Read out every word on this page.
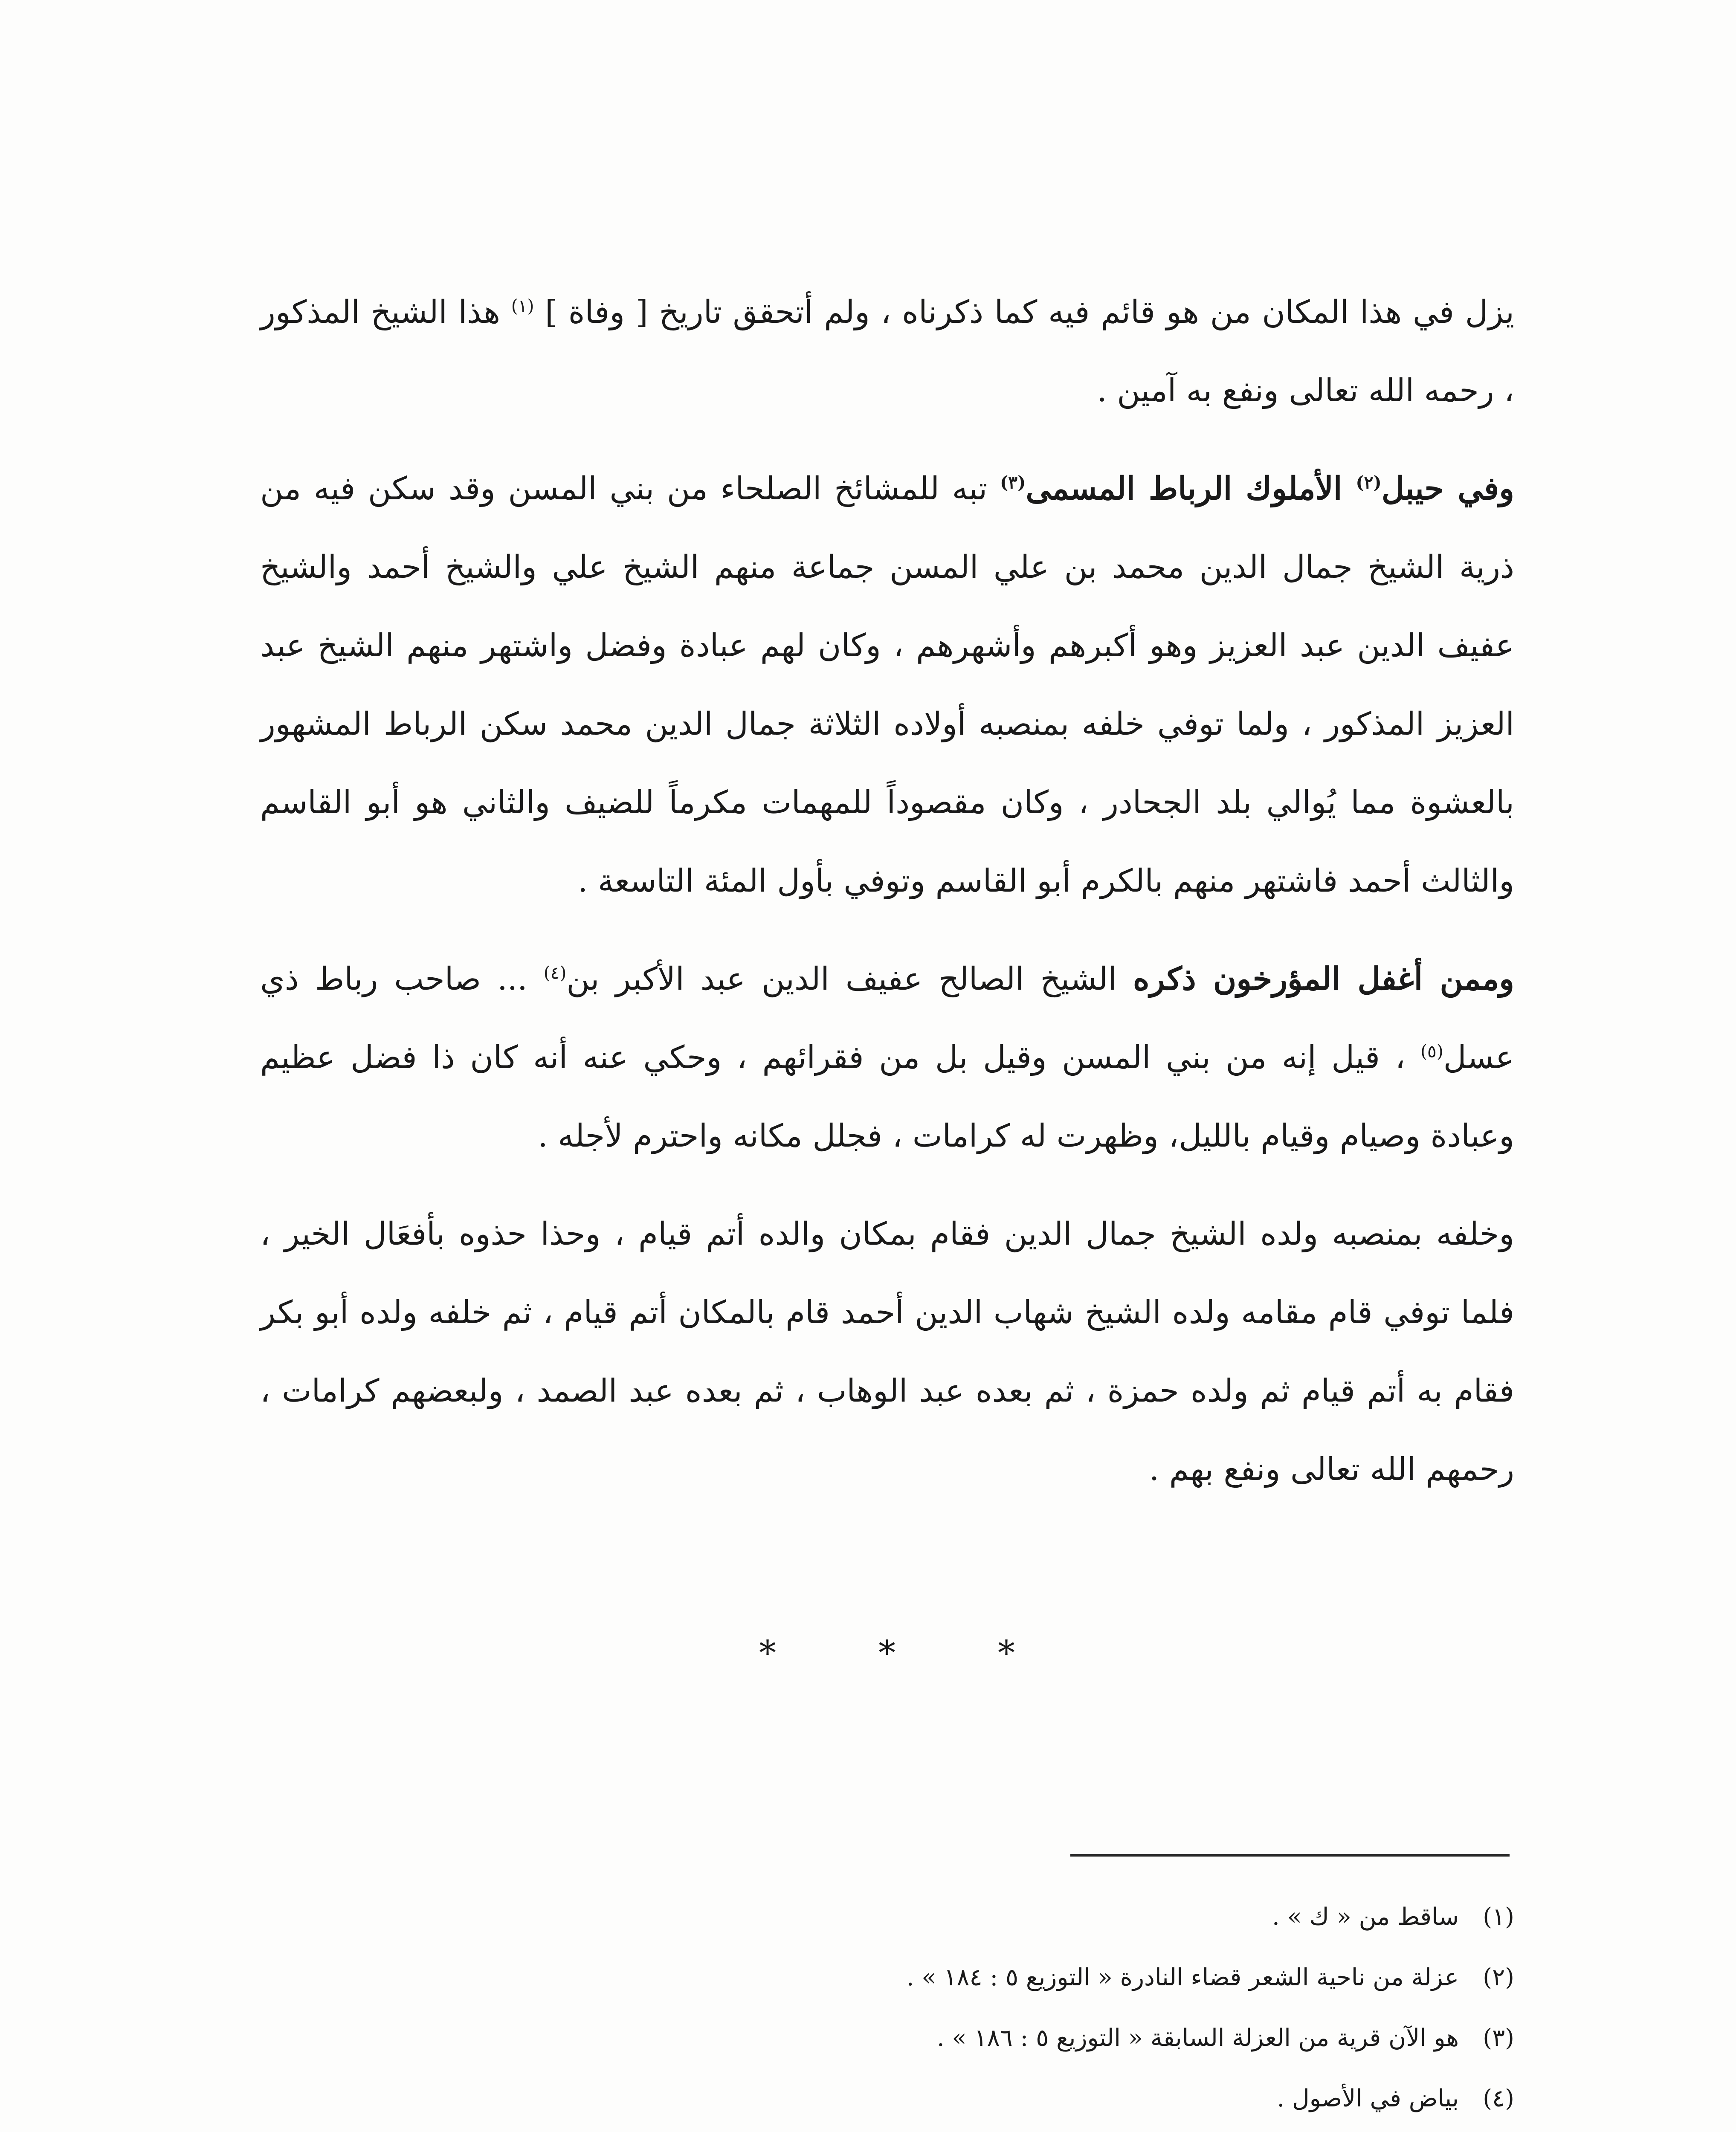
يزل في هذا المكان من هو قائم فيه كما ذكرناه ، ولم أتحقق تاريخ [ وفاة ] $^{(١)}$ هذا الشيخ المذكور ، رحمه الله تعالى ونفع به آمين .

وفي حيبل$^{(٢)}$ الأملوك الرباط المسمى$^{(٣)}$ تبه للمشائخ الصلحاء من بني المسن وقد سكن فيه من ذرية الشيخ جمال الدين محمد بن علي المسن جماعة منهم الشيخ علي والشيخ أحمد والشيخ عفيف الدين عبد العزيز وهو أكبرهم وأشهرهم ، وكان لهم عبادة وفضل واشتهر منهم الشيخ عبد العزيز المذكور ، ولما توفي خلفه بمنصبه أولاده الثلاثة جمال الدين محمد سكن الرباط المشهور بالعشوة مما يُوالي بلد الجحادر ، وكان مقصوداً للمهمات مكرماً للضيف والثاني هو أبو القاسم والثالث أحمد فاشتهر منهم بالكرم أبو القاسم وتوفي بأول المئة التاسعة .

وممن أغفل المؤرخون ذكره الشيخ الصالح عفيف الدين عبد الأكبر بن$^{(٤)}$ ... صاحب رباط ذي عسل$^{(٥)}$ ، قيل إنه من بني المسن وقيل بل من فقرائهم ، وحكي عنه أنه كان ذا فضل عظيم وعبادة وصيام وقيام بالليل، وظهرت له كرامات ، فجلل مكانه واحترم لأجله .

وخلفه بمنصبه ولده الشيخ جمال الدين فقام بمكان والده أتم قيام ، وحذا حذوه بأفعَال الخير ، فلما توفي قام مقامه ولده الشيخ شهاب الدين أحمد قام بالمكان أتم قيام ، ثم خلفه ولده أبو بكر فقام به أتم قيام ثم ولده حمزة ، ثم بعده عبد الوهاب ، ثم بعده عبد الصمد ، ولبعضهم كرامات ، رحمهم الله تعالى ونفع بهم .

*	*	*
(١)
ساقط من « ك » .
(٢)
عزلة من ناحية الشعر قضاء النادرة « التوزيع ٥ : ١٨٤ » .
(٣)
هو الآن قرية من العزلة السابقة « التوزيع ٥ : ١٨٦ » .
(٤)
بياض في الأصول .
